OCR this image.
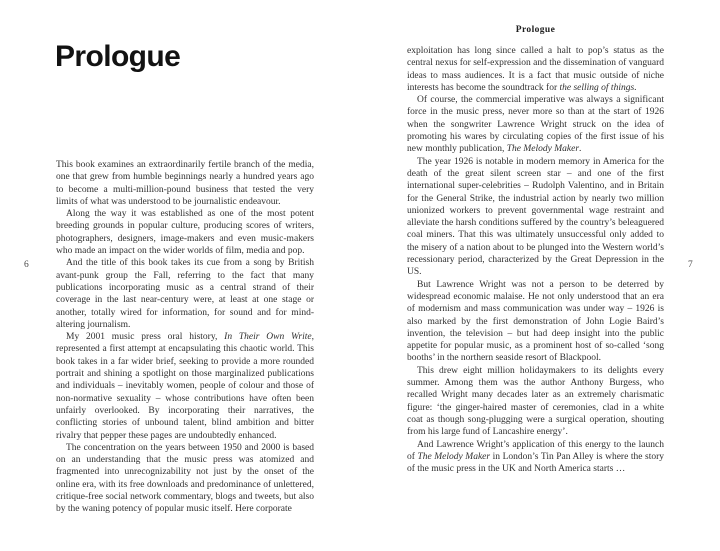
Prologue
6

This book examines an extraordinarily fertile branch of the media, one that grew from humble beginnings nearly a hundred years ago to become a multi-million-pound business that tested the very limits of what was understood to be journalistic endeavour.

Along the way it was established as one of the most potent breeding grounds in popular culture, producing scores of writers, photographers, designers, image-makers and even music-makers who made an impact on the wider worlds of film, media and pop.

And the title of this book takes its cue from a song by British avant-punk group the Fall, referring to the fact that many publications incorporating music as a central strand of their coverage in the last near-century were, at least at one stage or another, totally wired for information, for sound and for mind-altering journalism.

My 2001 music press oral history, In Their Own Write, represented a first attempt at encapsulating this chaotic world. This book takes in a far wider brief, seeking to provide a more rounded portrait and shining a spotlight on those marginalized publications and individuals – inevitably women, people of colour and those of non-normative sexuality – whose contributions have often been unfairly overlooked. By incorporating their narratives, the conflicting stories of unbound talent, blind ambition and bitter rivalry that pepper these pages are undoubtedly enhanced.

The concentration on the years between 1950 and 2000 is based on an understanding that the music press was atomized and fragmented into unrecognizability not just by the onset of the online era, with its free downloads and predominance of unlettered, critique-free social network commentary, blogs and tweets, but also by the waning potency of popular music itself. Here corporate

Prologue

exploitation has long since called a halt to pop’s status as the central nexus for self-expression and the dissemination of vanguard ideas to mass audiences. It is a fact that music outside of niche interests has become the soundtrack for the selling of things.

Of course, the commercial imperative was always a significant force in the music press, never more so than at the start of 1926 when the songwriter Lawrence Wright struck on the idea of promoting his wares by circulating copies of the first issue of his new monthly publication, The Melody Maker.

The year 1926 is notable in modern memory in America for the death of the great silent screen star – and one of the first international super-celebrities – Rudolph Valentino, and in Britain for the General Strike, the industrial action by nearly two million unionized workers to prevent governmental wage restraint and alleviate the harsh conditions suffered by the country’s beleaguered coal miners. That this was ultimately unsuccessful only added to the misery of a nation about to be plunged into the Western world’s recessionary period, characterized by the Great Depression in the US.

But Lawrence Wright was not a person to be deterred by widespread economic malaise. He not only understood that an era of modernism and mass communication was under way – 1926 is also marked by the first demonstration of John Logie Baird’s invention, the television – but had deep insight into the public appetite for popular music, as a prominent host of so-called ‘song booths’ in the northern seaside resort of Blackpool.

This drew eight million holidaymakers to its delights every summer. Among them was the author Anthony Burgess, who recalled Wright many decades later as an extremely charismatic figure: ‘the ginger-haired master of ceremonies, clad in a white coat as though song-plugging were a surgical operation, shouting from his large fund of Lancashire energy’.

And Lawrence Wright’s application of this energy to the launch of The Melody Maker in London’s Tin Pan Alley is where the story of the music press in the UK and North America starts …

7
